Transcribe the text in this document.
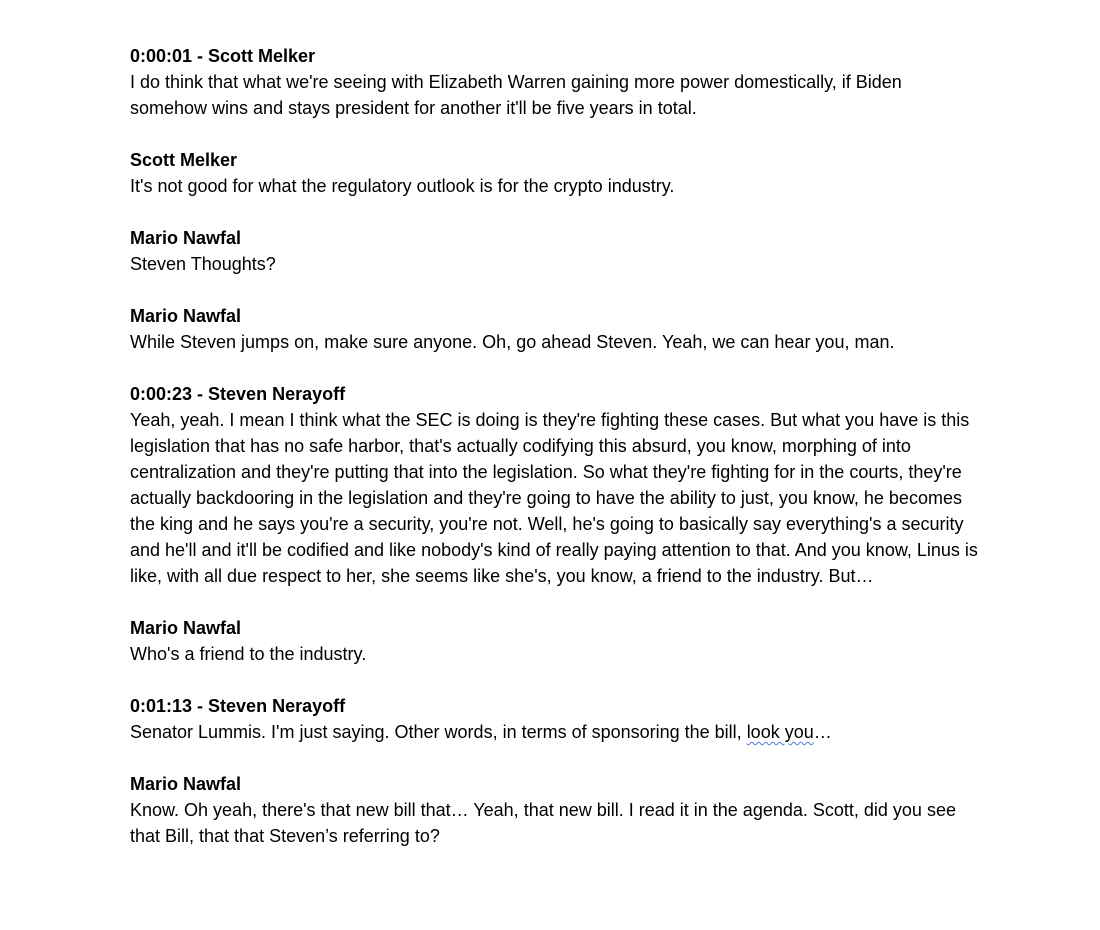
0:00:01 - Scott Melker

I do think that what we're seeing with Elizabeth Warren gaining more power domestically, if Biden somehow wins and stays president for another it'll be five years in total.

Scott Melker

It's not good for what the regulatory outlook is for the crypto industry.

Mario Nawfal

Steven Thoughts?

Mario Nawfal

While Steven jumps on, make sure anyone. Oh, go ahead Steven. Yeah, we can hear you, man.

0:00:23 - Steven Nerayoff

Yeah, yeah. I mean I think what the SEC is doing is they're fighting these cases. But what you have is this legislation that has no safe harbor, that's actually codifying this absurd, you know, morphing of into centralization and they're putting that into the legislation. So what they're fighting for in the courts, they're actually backdooring in the legislation and they're going to have the ability to just, you know, he becomes the king and he says you're a security, you're not. Well, he's going to basically say everything's a security and he'll and it'll be codified and like nobody's kind of really paying attention to that. And you know, Linus is like, with all due respect to her, she seems like she's, you know, a friend to the industry. But…

Mario Nawfal

Who's a friend to the industry.

0:01:13 - Steven Nerayoff

Senator Lummis. I'm just saying. Other words, in terms of sponsoring the bill, look you…

Mario Nawfal

Know. Oh yeah, there's that new bill that… Yeah, that new bill. I read it in the agenda. Scott, did you see that Bill, that that Steven’s referring to?
